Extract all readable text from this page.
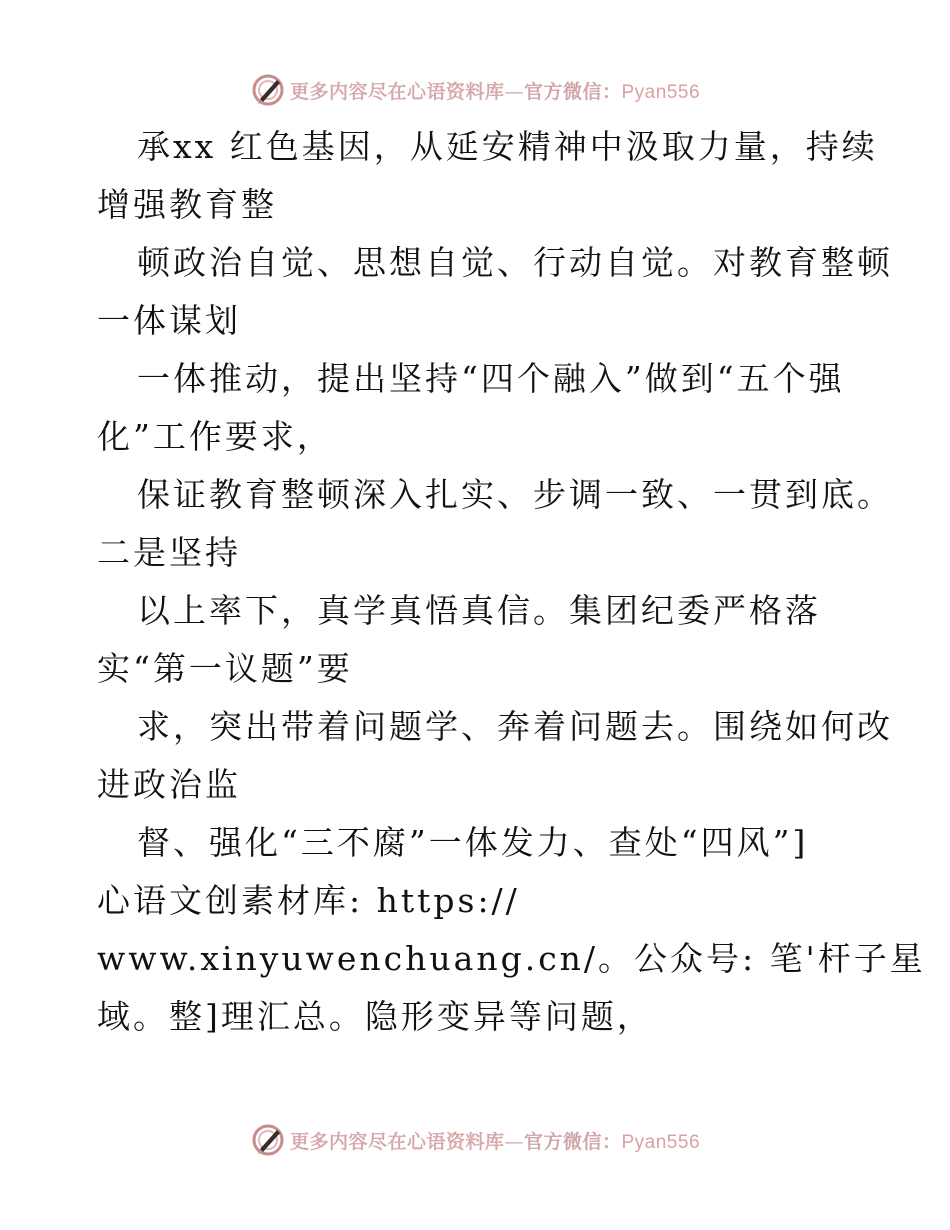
更多内容尽在心语资料库—官方微信：Pyan556
承xx 红色基因，从延安精神中汲取力量，持续
增强教育整
顿政治自觉、思想自觉、行动自觉。对教育整顿
一体谋划
一体推动，提出坚持“四个融入”做到“五个强
化”工作要求，
保证教育整顿深入扎实、步调一致、一贯到底。
二是坚持
以上率下，真学真悟真信。集团纪委严格落
实“第一议题”要
求，突出带着问题学、奔着问题去。围绕如何改
进政治监
督、强化“三不腐”一体发力、查处“四风”]
心语文创素材库: https://
www.xinyuwenchuang.cn/。公众号: 笔'杆子星
域。整]理汇总。隐形变异等问题，
更多内容尽在心语资料库—官方微信：Pyan556
